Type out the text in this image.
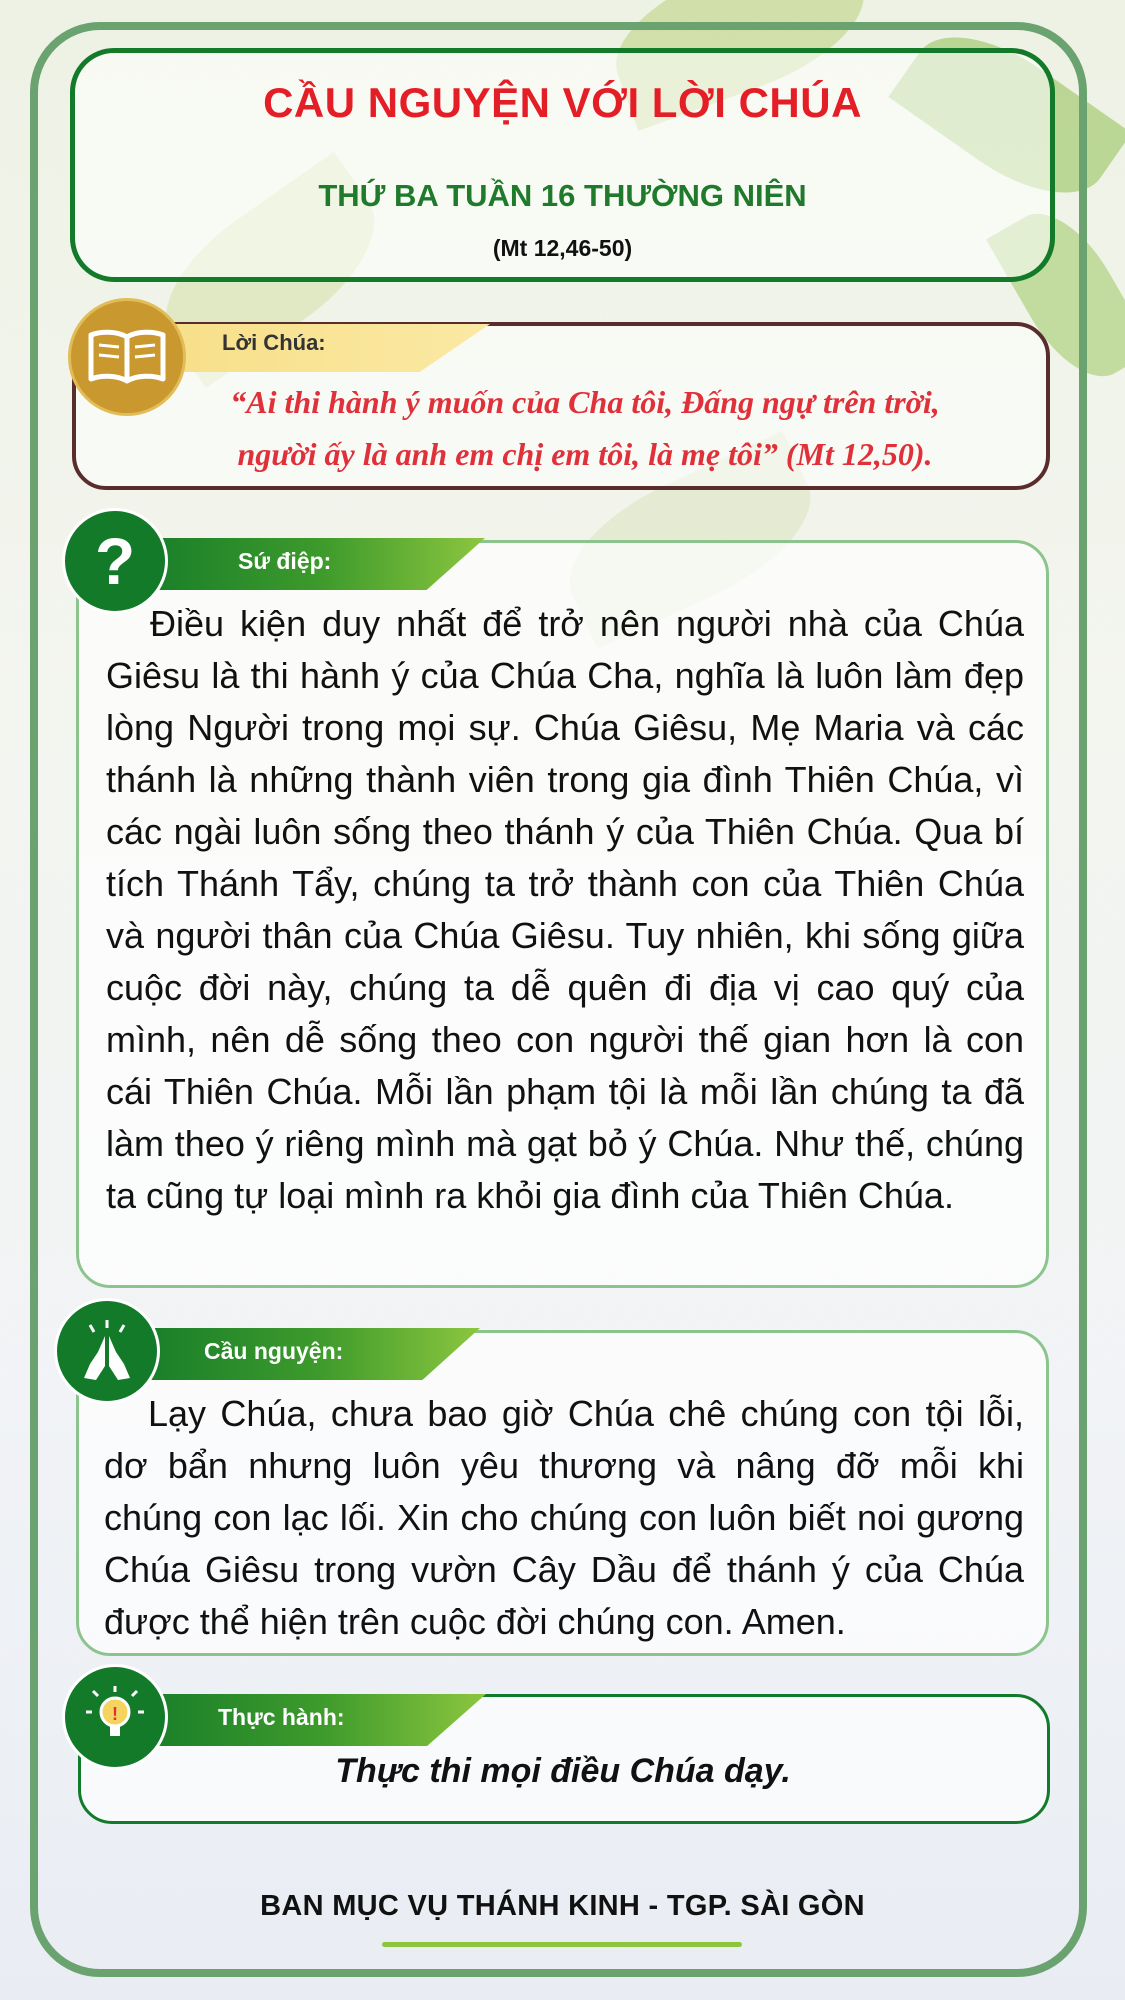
CẦU NGUYỆN VỚI LỜI CHÚA
THỨ BA TUẦN 16 THƯỜNG NIÊN
(Mt 12,46-50)
Lời Chúa:
“Ai thi hành ý muốn của Cha tôi, Đấng ngự trên trời,
người ấy là anh em chị em tôi, là mẹ tôi” (Mt 12,50).
Sứ điệp:
?

Điều kiện duy nhất để trở nên người nhà của Chúa Giêsu là thi hành ý của Chúa Cha, nghĩa là luôn làm đẹp lòng Người trong mọi sự. Chúa Giêsu, Mẹ Maria và các thánh là những thành viên trong gia đình Thiên Chúa, vì các ngài luôn sống theo thánh ý của Thiên Chúa. Qua bí tích Thánh Tẩy, chúng ta trở thành con của Thiên Chúa và người thân của Chúa Giêsu. Tuy nhiên, khi sống giữa cuộc đời này, chúng ta dễ quên đi địa vị cao quý của mình, nên dễ sống theo con người thế gian hơn là con cái Thiên Chúa. Mỗi lần phạm tội là mỗi lần chúng ta đã làm theo ý riêng mình mà gạt bỏ ý Chúa. Như thế, chúng ta cũng tự loại mình ra khỏi gia đình của Thiên Chúa.

Cầu nguyện:

Lạy Chúa, chưa bao giờ Chúa chê chúng con tội lỗi, dơ bẩn nhưng luôn yêu thương và nâng đỡ mỗi khi chúng con lạc lối. Xin cho chúng con luôn biết noi gương Chúa Giêsu trong vườn Cây Dầu để thánh ý của Chúa được thể hiện trên cuộc đời chúng con. Amen.

Thực hành:
!
Thực thi mọi điều Chúa dạy.
BAN MỤC VỤ THÁNH KINH - TGP. SÀI GÒN
